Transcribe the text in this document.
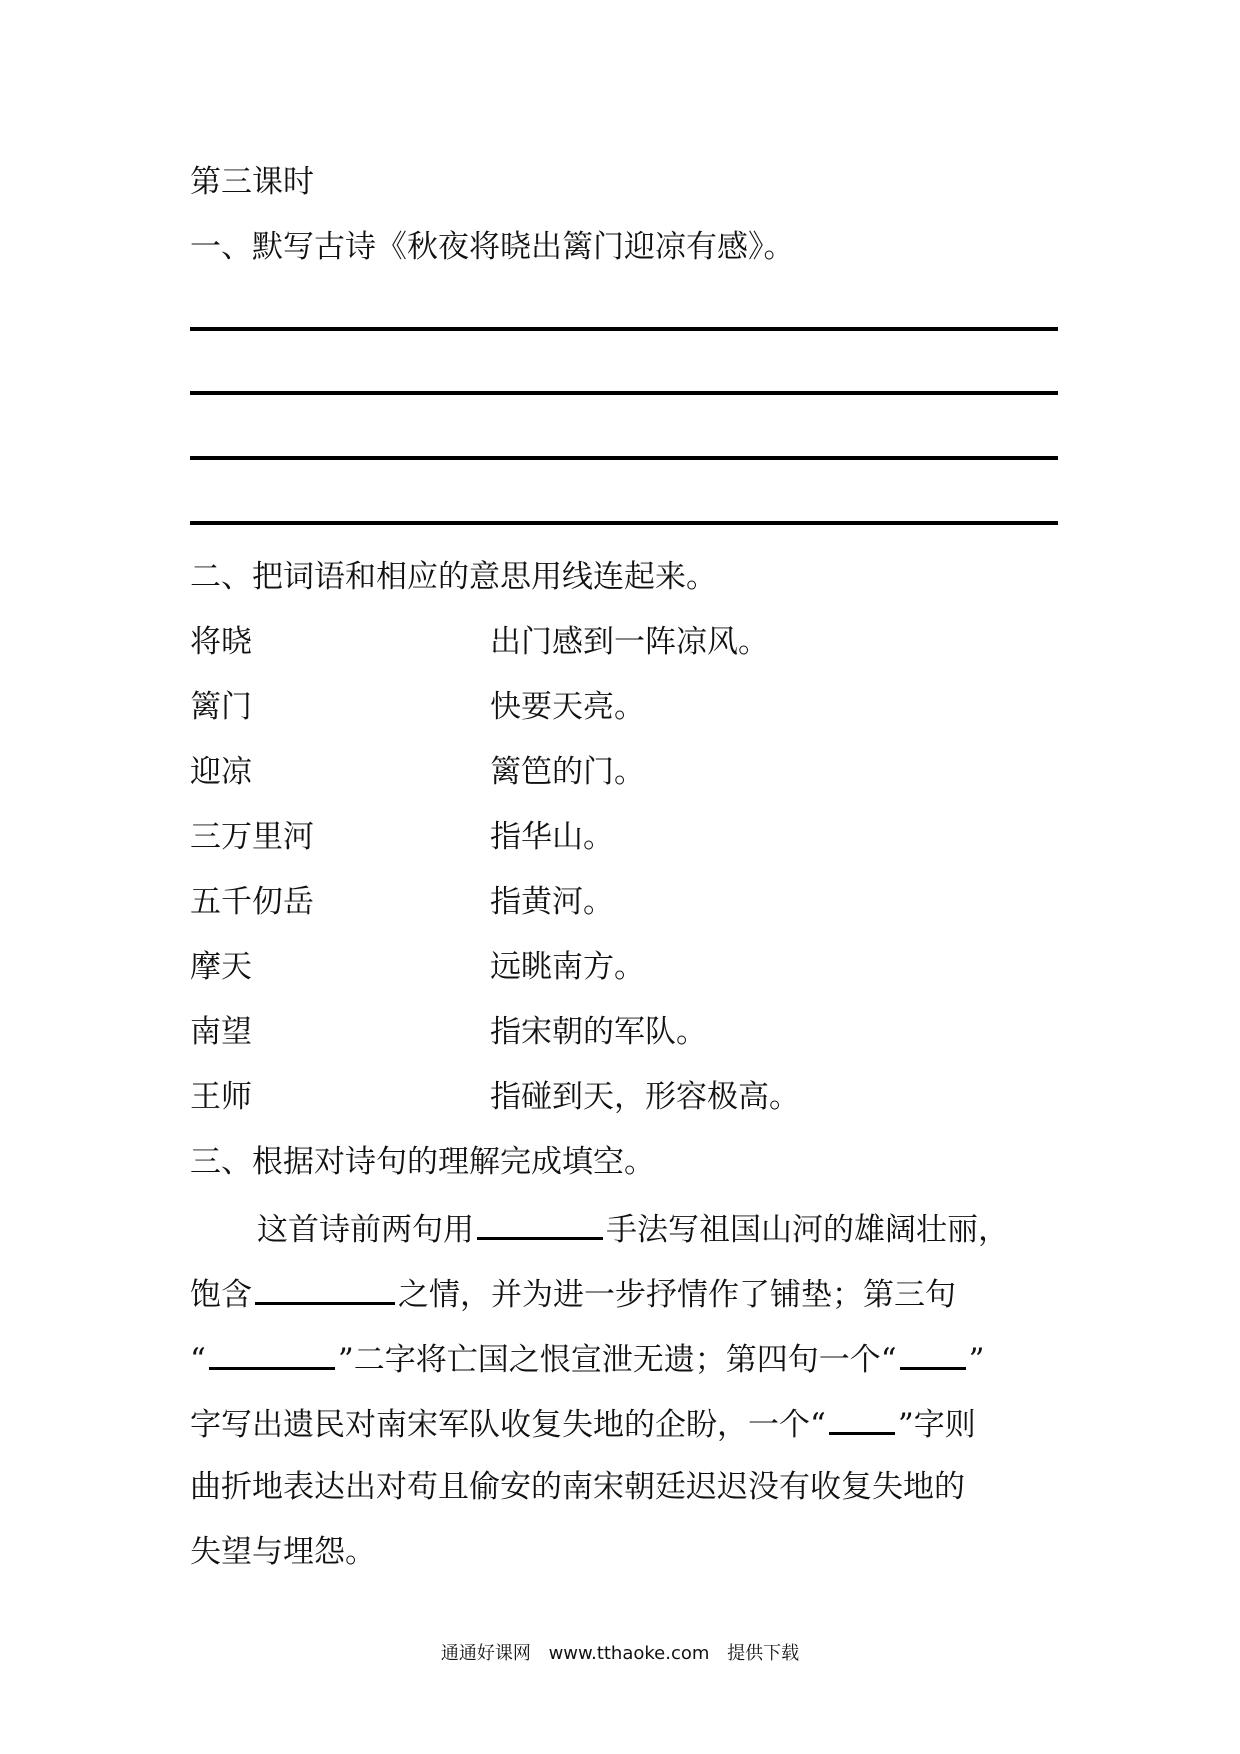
第三课时
一、默写古诗《秋夜将晓出篱门迎凉有感》。
二、把词语和相应的意思用线连起来。
将晓	出门感到一阵凉风。
篱门	快要天亮。
迎凉	篱笆的门。
三万里河	指华山。
五千仞岳	指黄河。
摩天	远眺南方。
南望	指宋朝的军队。
王师	指碰到天，形容极高。
三、根据对诗句的理解完成填空。
这首诗前两句用	手法写祖国山河的雄阔壮丽，
饱含	之情，并为进一步抒情作了铺垫；第三句
“	”二字将亡国之恨宣泄无遗；第四句一个“ ”
字写出遗民对南宋军队收复失地的企盼，一个“ ”字则
曲折地表达出对苟且偷安的南宋朝廷迟迟没有收复失地的
失望与埋怨。
通通好课网 www.tthaoke.com 提供下载
